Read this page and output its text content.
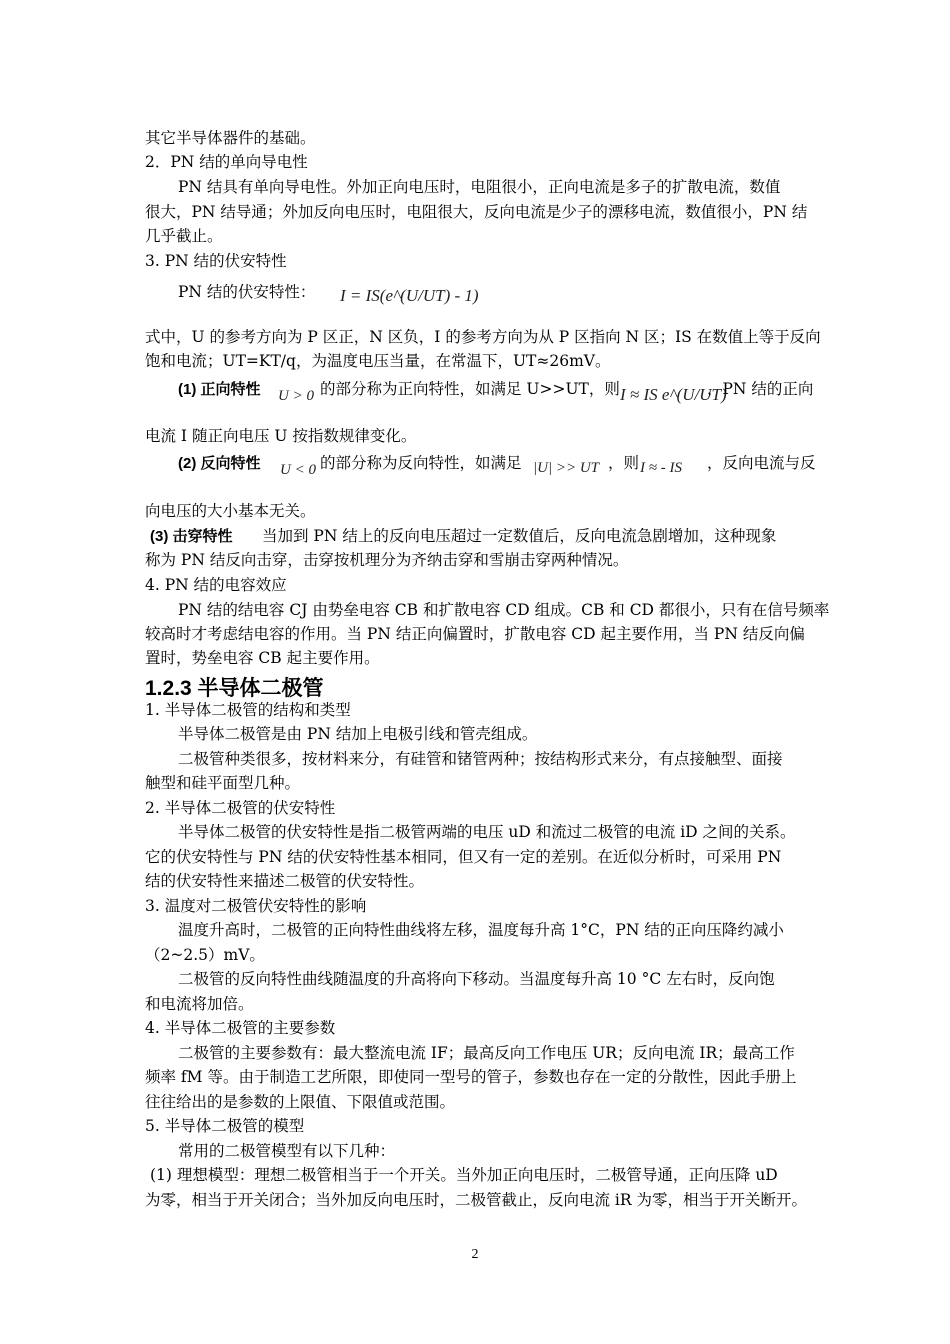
其它半导体器件的基础。
2．PN 结的单向导电性
PN 结具有单向导电性。外加正向电压时，电阻很小，正向电流是多子的扩散电流，数值
很大，PN 结导通；外加反向电压时，电阻很大，反向电流是少子的漂移电流，数值很小，PN 结
几乎截止。
3. PN 结的伏安特性
PN 结的伏安特性：	I = IS(e^(U/UT) - 1)
式中，U 的参考方向为 P 区正，N 区负，I 的参考方向为从 P 区指向 N 区；IS 在数值上等于反向
饱和电流；UT=KT/q，为温度电压当量，在常温下，UT≈26mV。
(1) 正向特性	U > 0 的部分称为正向特性，如满足 U>>UT，则 I ≈ IS e^(U/UT)
，PN 结的正向
电流 I 随正向电压 U 按指数规律变化。
(2) 反向特性	U < 0 的部分称为反向特性，如满足 |U| >> UT ，则 I ≈ - IS ，反向电流与反
向电压的大小基本无关。
(3) 击穿特性	当加到 PN 结上的反向电压超过一定数值后，反向电流急剧增加，这种现象
称为 PN 结反向击穿，击穿按机理分为齐纳击穿和雪崩击穿两种情况。
4. PN 结的电容效应
PN 结的结电容 CJ 由势垒电容 CB 和扩散电容 CD 组成。CB 和 CD 都很小，只有在信号频率
较高时才考虑结电容的作用。当 PN 结正向偏置时，扩散电容 CD 起主要作用，当 PN 结反向偏
置时，势垒电容 CB 起主要作用。
1.2.3 半导体二极管
1. 半导体二极管的结构和类型
半导体二极管是由 PN 结加上电极引线和管壳组成。
二极管种类很多，按材料来分，有硅管和锗管两种；按结构形式来分，有点接触型、面接
触型和硅平面型几种。
2. 半导体二极管的伏安特性
半导体二极管的伏安特性是指二极管两端的电压 uD 和流过二极管的电流 iD 之间的关系。
它的伏安特性与 PN 结的伏安特性基本相同，但又有一定的差别。在近似分析时，可采用 PN
结的伏安特性来描述二极管的伏安特性。
3. 温度对二极管伏安特性的影响
温度升高时，二极管的正向特性曲线将左移，温度每升高 1°C，PN 结的正向压降约减小
（2~2.5）mV。
二极管的反向特性曲线随温度的升高将向下移动。当温度每升高 10 °C 左右时，反向饱
和电流将加倍。
4. 半导体二极管的主要参数
二极管的主要参数有：最大整流电流 IF；最高反向工作电压 UR；反向电流 IR；最高工作
频率 fM 等。由于制造工艺所限，即使同一型号的管子，参数也存在一定的分散性，因此手册上
往往给出的是参数的上限值、下限值或范围。
5. 半导体二极管的模型
常用的二极管模型有以下几种：
(1) 理想模型：理想二极管相当于一个开关。当外加正向电压时，二极管导通，正向压降 uD
为零，相当于开关闭合；当外加反向电压时，二极管截止，反向电流 iR 为零，相当于开关断开。
2
